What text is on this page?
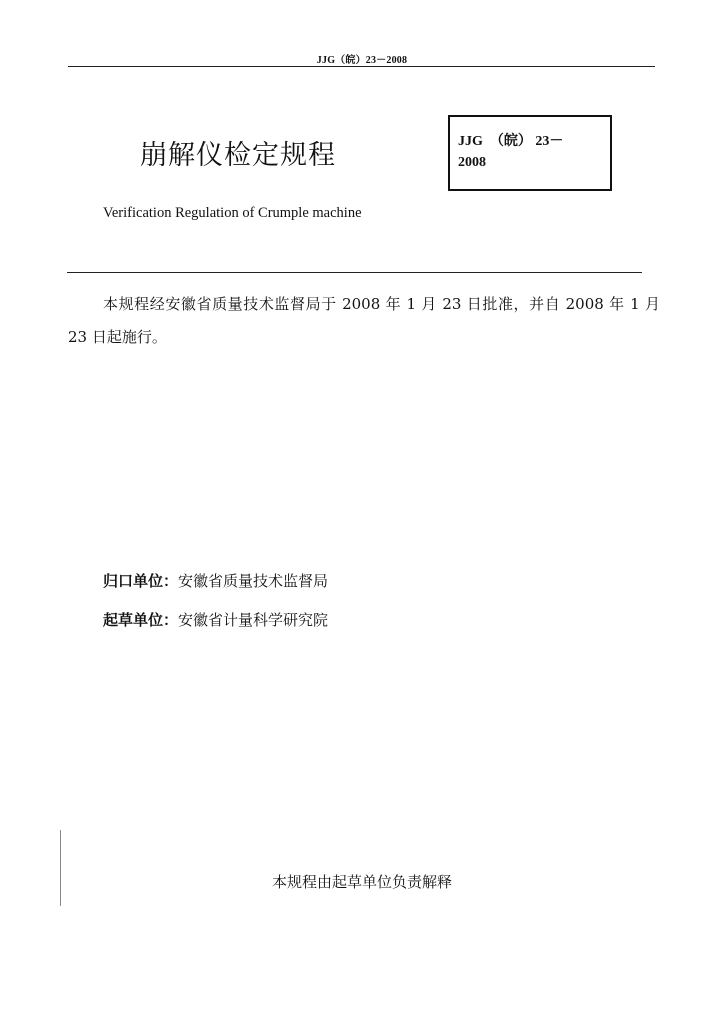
JJG（皖）23－2008
崩解仪检定规程	JJG  （皖） 23－
2008
Verification Regulation of Crumple machine
本规程经安徽省质量技术监督局于 2008 年 1 月 23 日批准，并自 2008 年 1 月 23 日起施行。
归口单位：安徽省质量技术监督局
起草单位：安徽省计量科学研究院
本规程由起草单位负责解释
